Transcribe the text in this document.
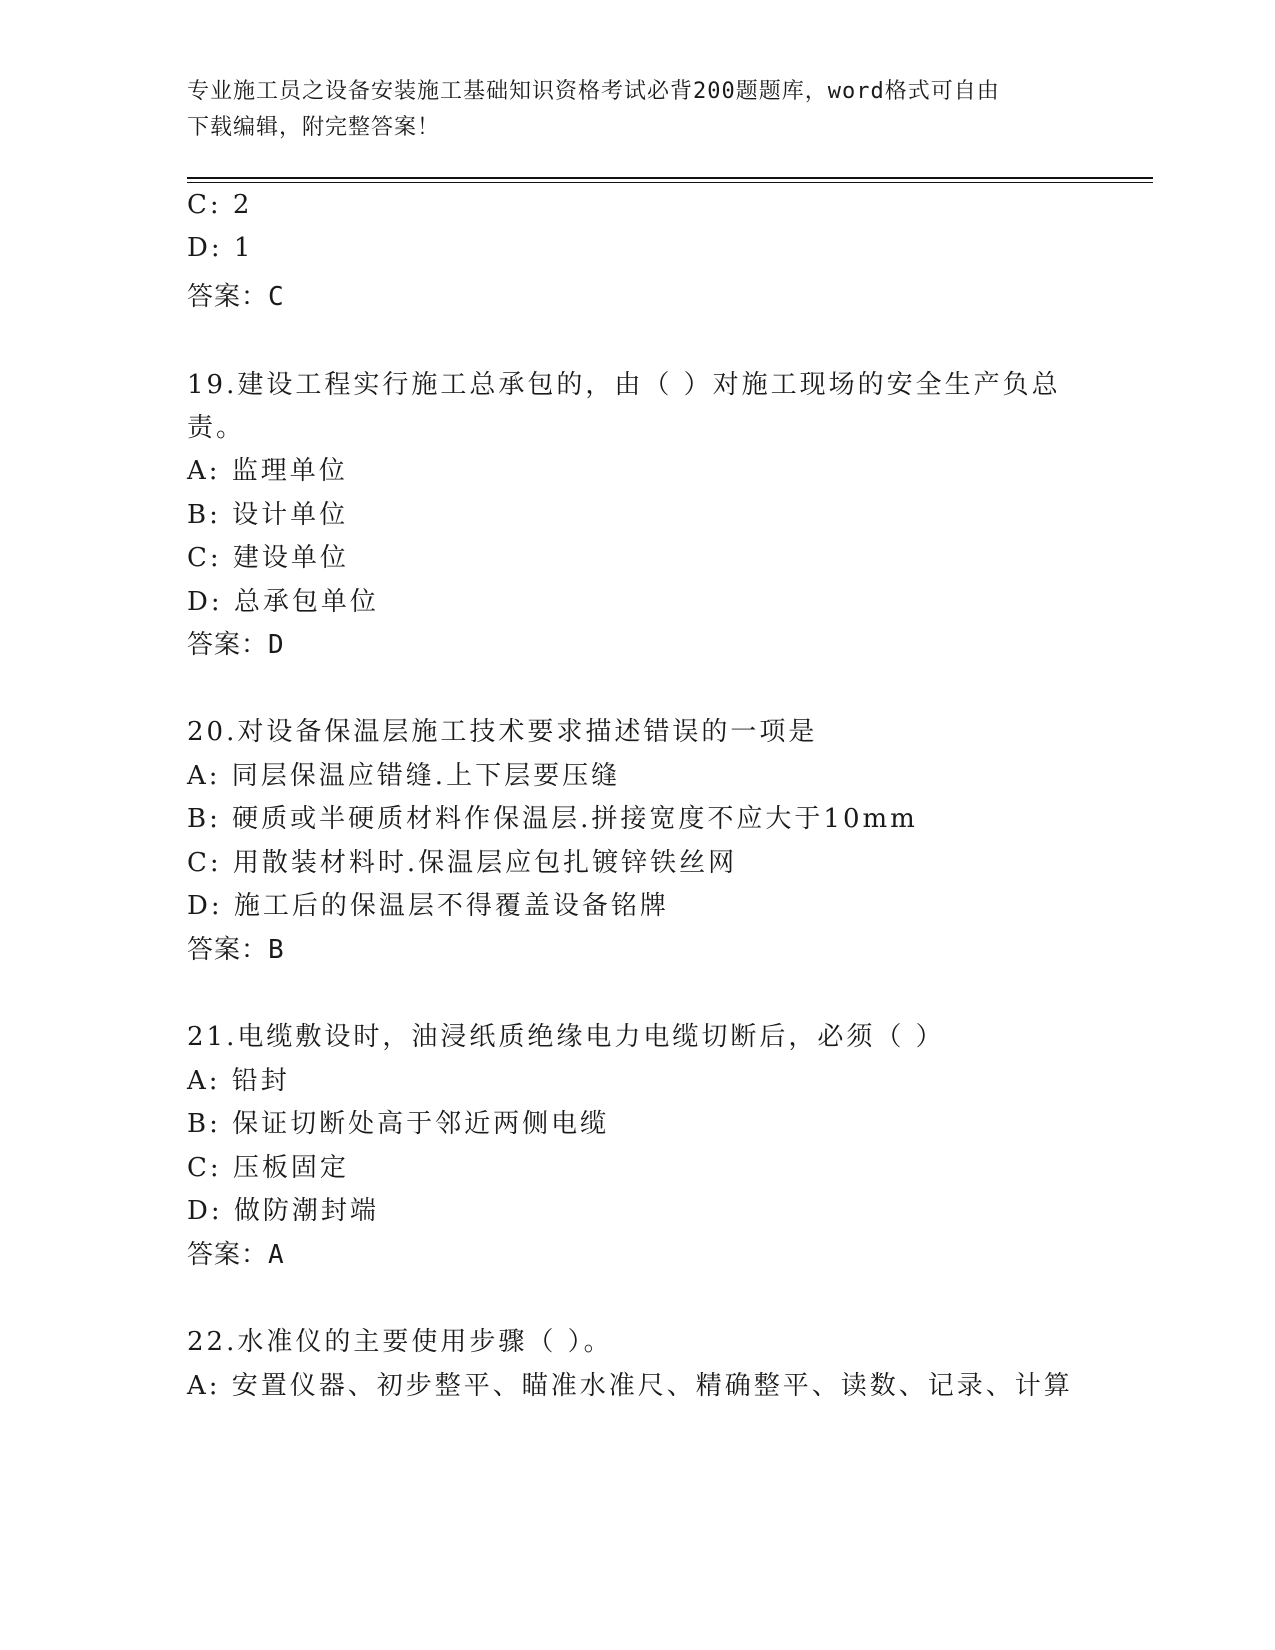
专业施工员之设备安装施工基础知识资格考试必背200题题库，word格式可自由
下载编辑，附完整答案！
C: 2
D: 1
答案：C
19.建设工程实行施工总承包的，由（ ）对施工现场的安全生产负总
责。
A: 监理单位
B: 设计单位
C: 建设单位
D: 总承包单位
答案：D
20.对设备保温层施工技术要求描述错误的一项是
A: 同层保温应错缝.上下层要压缝
B: 硬质或半硬质材料作保温层.拼接宽度不应大于10mm
C: 用散装材料时.保温层应包扎镀锌铁丝网
D: 施工后的保温层不得覆盖设备铭牌
答案：B
21.电缆敷设时，油浸纸质绝缘电力电缆切断后，必须（ ）
A: 铅封
B: 保证切断处高于邻近两侧电缆
C: 压板固定
D: 做防潮封端
答案：A
22.水准仪的主要使用步骤（ ）。
A: 安置仪器、初步整平、瞄准水准尺、精确整平、读数、记录、计算
